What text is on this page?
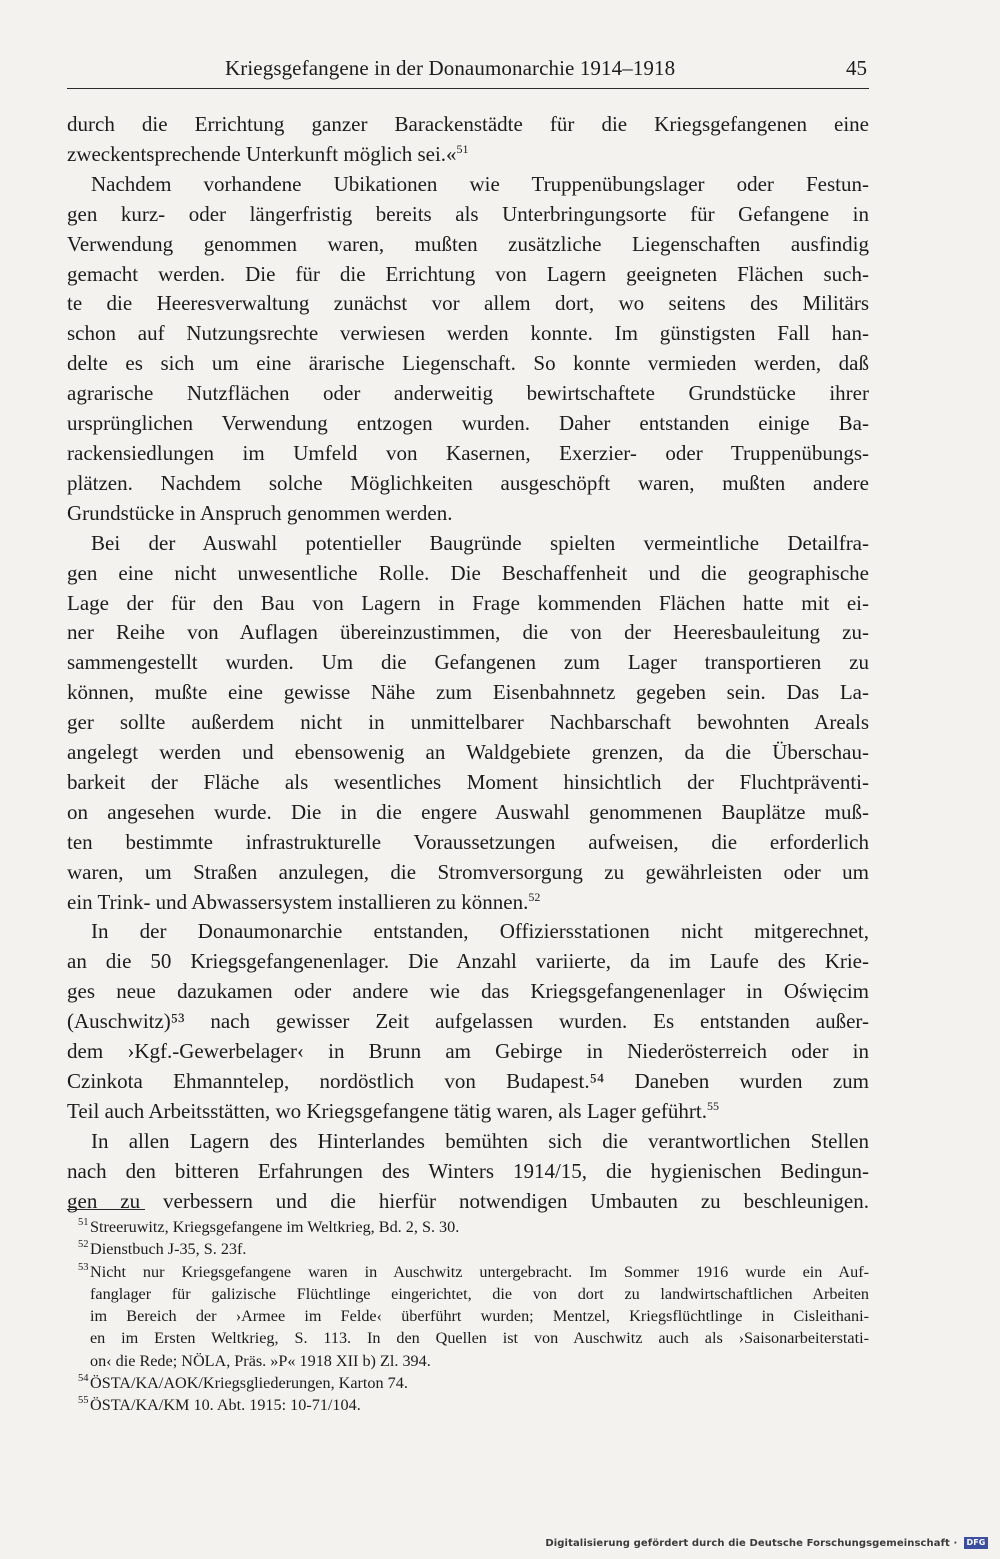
Kriegsgefangene in der Donaumonarchie 1914–1918	45

durch die Errichtung ganzer Barackenstädte für die Kriegsgefangenen eine
zweckentsprechende Unterkunft möglich sei.«$^{51}$

Nachdem vorhandene Ubikationen wie Truppenübungslager oder Festun-
gen kurz- oder längerfristig bereits als Unterbringungsorte für Gefangene in
Verwendung genommen waren, mußten zusätzliche Liegenschaften ausfindig
gemacht werden. Die für die Errichtung von Lagern geeigneten Flächen such-
te die Heeresverwaltung zunächst vor allem dort, wo seitens des Militärs
schon auf Nutzungsrechte verwiesen werden konnte. Im günstigsten Fall han-
delte es sich um eine ärarische Liegenschaft. So konnte vermieden werden, daß
agrarische Nutzflächen oder anderweitig bewirtschaftete Grundstücke ihrer
ursprünglichen Verwendung entzogen wurden. Daher entstanden einige Ba-
rackensiedlungen im Umfeld von Kasernen, Exerzier- oder Truppenübungs-
plätzen. Nachdem solche Möglichkeiten ausgeschöpft waren, mußten andere
Grundstücke in Anspruch genommen werden.

Bei der Auswahl potentieller Baugründe spielten vermeintliche Detailfra-
gen eine nicht unwesentliche Rolle. Die Beschaffenheit und die geographische
Lage der für den Bau von Lagern in Frage kommenden Flächen hatte mit ei-
ner Reihe von Auflagen übereinzustimmen, die von der Heeresbauleitung zu-
sammengestellt wurden. Um die Gefangenen zum Lager transportieren zu
können, mußte eine gewisse Nähe zum Eisenbahnnetz gegeben sein. Das La-
ger sollte außerdem nicht in unmittelbarer Nachbarschaft bewohnten Areals
angelegt werden und ebensowenig an Waldgebiete grenzen, da die Überschau-
barkeit der Fläche als wesentliches Moment hinsichtlich der Fluchtpräventi-
on angesehen wurde. Die in die engere Auswahl genommenen Bauplätze muß-
ten bestimmte infrastrukturelle Voraussetzungen aufweisen, die erforderlich
waren, um Straßen anzulegen, die Stromversorgung zu gewährleisten oder um
ein Trink- und Abwassersystem installieren zu können.$^{52}$

In der Donaumonarchie entstanden, Offiziersstationen nicht mitgerechnet,
an die 50 Kriegsgefangenenlager. Die Anzahl variierte, da im Laufe des Krie-
ges neue dazukamen oder andere wie das Kriegsgefangenenlager in Oświęcim
(Auschwitz)⁵³ nach gewisser Zeit aufgelassen wurden. Es entstanden außer-
dem ›Kgf.-Gewerbelager‹ in Brunn am Gebirge in Niederösterreich oder in
Czinkota Ehmanntelep, nordöstlich von Budapest.⁵⁴ Daneben wurden zum
Teil auch Arbeitsstätten, wo Kriegsgefangene tätig waren, als Lager geführt.$^{55}$

In allen Lagern des Hinterlandes bemühten sich die verantwortlichen Stellen
nach den bitteren Erfahrungen des Winters 1914/15, die hygienischen Bedingun-
gen zu verbessern und die hierfür notwendigen Umbauten zu beschleunigen.

51 Streeruwitz, Kriegsgefangene im Weltkrieg, Bd. 2, S. 30.
52 Dienstbuch J-35, S. 23f.
53 Nicht nur Kriegsgefangene waren in Auschwitz untergebracht. Im Sommer 1916 wurde ein Auf-
fanglager für galizische Flüchtlinge eingerichtet, die von dort zu landwirtschaftlichen Arbeiten
im Bereich der ›Armee im Felde‹ überführt wurden; Mentzel, Kriegsflüchtlinge in Cisleithani-
en im Ersten Weltkrieg, S. 113. In den Quellen ist von Auschwitz auch als ›Saisonarbeiterstati-
on‹ die Rede; NÖLA, Präs. »P« 1918 XII b) Zl. 394.
54 ÖSTA/KA/AOK/Kriegsgliederungen, Karton 74.
55 ÖSTA/KA/KM 10. Abt. 1915: 10-71/104.
Digitalisierung gefördert durch die Deutsche Forschungsgemeinschaft · DFG
